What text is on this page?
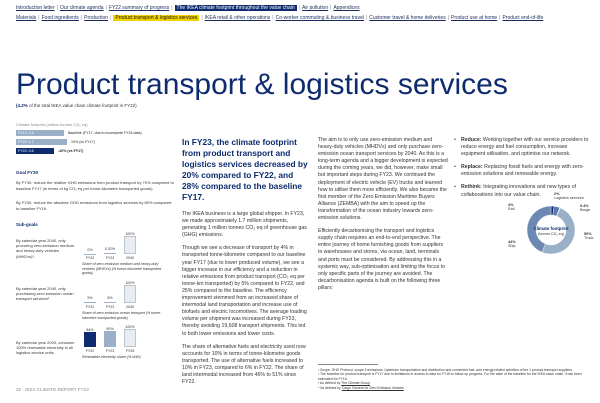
Introduction letter | Our climate agenda | FY22 summary of progress | The IKEA climate footprint throughout the value chain | Air pollution | Appendices
Materials | Food ingredients | Production | Product transport & logistics services | IKEA retail & other operations | Co-worker commuting & business travel | Customer travel & home deliveries | Product use at home | Product end-of-life
Product transport & logistics services
(4.2% of the total IKEA value chain climate footprint in FY22)
Climate footprint (million tonnes CO₂ eq)
FY17: 1.6	Baseline (FY17, due to incomplete FY16 data)
FY22: 1.7	10% (vs FY17)
FY22: 0.6	-20% (vs FY17)
Goal FY30
By FY30, reduce the relative GHG emissions from product transport by 70% compared to baseline FY17 (in terms of kg CO₂ eq per tonne-kilometre transported goods).
By FY30, reduce the absolute GHG emissions from logistics services by 80% compared to baseline FY19.
Sub-goals
By calendar year 2040, only procuring zero-emission medium and heavy-duty vehicles (MHDVs)¹.
0%
FY22
0.32%
FY23
100%
2040
Share of zero-emission medium and heavy-duty vehicles (MHDVs) (% tonne-kilometre transported goods)
By calendar year 2040, only purchasing zero-emission ocean transport services².	5%
FY22
8%
FY23
100%
2040
Share of zero-emission ocean transport (% tonne-kilometre transported goods)
By calendar year 2025, consume 100% renewable electricity in all logistics service units.
84%
FY22
90%
FY23
100%
FY25
Renewable electricity share (% kWh)

In FY23, the climate footprint from product transport and logistics services decreased by 20% compared to FY22, and 28% compared to the baseline FY17.

The IKEA business is a large global shipper. In FY23, we made approximately 1.7 million shipments, generating 1 million tonnes CO₂ eq of greenhouse gas (GHG) emissions.

Though we see a decrease of transport by 4% in transported tonne-kilometre compared to our baseline year FY17 (due to lower produced volume), we see a bigger increase in our efficiency and a reduction in relative emissions from product transport (CO₂ eq per tonne-km transported) by 5% compared to FY22, and 25% compared to the baseline. The efficiency improvement stemmed from an increased share of intermodal land transportation and increase use of biofuels and electric locomotives. The average loading volume per shipment was increased during FY23, thereby avoiding 19,608 transport shipments. This led to both lower emissions and lower costs.

The share of alternative fuels and electricity used now accounts for 10% in terms of tonne-kilometre goods transported. The use of alternative fuels increased to 10% in FY23, compared to 6% in FY22. The share of land intermodal increased from 46% to 51% since FY22.

The aim is to only use zero-emission medium and heavy-duty vehicles (MHDVs) and only purchase zero-emission ocean transport services by 2040. As this is a long-term agenda and a bigger development is expected during the coming years, we did, however, make small but important steps during FY23. We continued the deployment of electric vehicle (EV) trucks and learned how to utilise them more efficiently. We also became the first member of the Zero Emission Maritime Buyers Alliance (ZEMBA) with the aim to speed up the transformation of the ocean industry towards zero-emission solutions.

Efficiently decarbonising the transport and logistics supply chain requires an end-to-end perspective. The entire journey of home furnishing goods from suppliers to warehouses and stores, via ocean, land, terminals and ports must be considered. By addressing this in a systemic way, sub-optimisation and limiting the focus to only specific parts of the journey are avoided. The decarbonisation agenda is built on the following three pillars:

• Reduce: Working together with our service providers to reduce energy and fuel consumption, increase equipment utilisation, and optimise our network.
• Replace: Replacing fossil fuels and energy with zero-emission solutions and renewable energy.
• Rethink: Integrating innovations and new types of collaborations into our value chain.
Climate footprint
(tonnes CO₂ eq)
2%
Logistics services
4%
Rail
0.4%
Barge
50%
Truck
44%
Ship
¹ Scope: GHG Protocol, scope 3 emissions: Upstream transportation and distribution and connected fuel- and energy-related activities of tier 1 product transport suppliers.
² The baseline for product transport is FY17 due to limitations in access to data for FY16 to follow up progress. For the sake of the baseline for the IKEA value chain, it has been estimated for FY16.
³ As defined by The Climate Group
⁴ As defined by Cargo Owners for Zero Emission Vessels
32 · IKEA CLIMATE REPORT FY23
